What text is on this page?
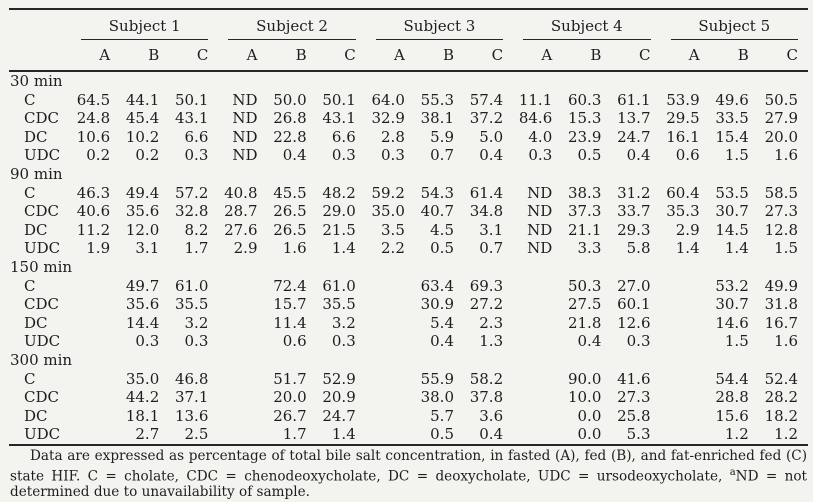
	Subject 1			Subject 2			Subject 3			Subject 4			Subject 5		

	A	B	C	A	B	C	A	B	C	A	B	C	A	B	C
30 min															
C	64.5	44.1	50.1	ND	50.0	50.1	64.0	55.3	57.4	11.1	60.3	61.1	53.9	49.6	50.5
CDC	24.8	45.4	43.1	ND	26.8	43.1	32.9	38.1	37.2	84.6	15.3	13.7	29.5	33.5	27.9
DC	10.6	10.2	6.6	ND	22.8	6.6	2.8	5.9	5.0	4.0	23.9	24.7	16.1	15.4	20.0
UDC	0.2	0.2	0.3	ND	0.4	0.3	0.3	0.7	0.4	0.3	0.5	0.4	0.6	1.5	1.6
90 min															
C	46.3	49.4	57.2	40.8	45.5	48.2	59.2	54.3	61.4	ND	38.3	31.2	60.4	53.5	58.5
CDC	40.6	35.6	32.8	28.7	26.5	29.0	35.0	40.7	34.8	ND	37.3	33.7	35.3	30.7	27.3
DC	11.2	12.0	8.2	27.6	26.5	21.5	3.5	4.5	3.1	ND	21.1	29.3	2.9	14.5	12.8
UDC	1.9	3.1	1.7	2.9	1.6	1.4	2.2	0.5	0.7	ND	3.3	5.8	1.4	1.4	1.5
150 min															
C		49.7	61.0		72.4	61.0		63.4	69.3		50.3	27.0		53.2	49.9
CDC		35.6	35.5		15.7	35.5		30.9	27.2		27.5	60.1		30.7	31.8
DC		14.4	3.2		11.4	3.2		5.4	2.3		21.8	12.6		14.6	16.7
UDC		0.3	0.3		0.6	0.3		0.4	1.3		0.4	0.3		1.5	1.6
300 min															
C		35.0	46.8		51.7	52.9		55.9	58.2		90.0	41.6		54.4	52.4
CDC		44.2	37.1		20.0	20.9		38.0	37.8		10.0	27.3		28.8	28.2
DC		18.1	13.6		26.7	24.7		5.7	3.6		0.0	25.8		15.6	18.2
UDC		2.7	2.5		1.7	1.4		0.5	0.4		0.0	5.3		1.2	1.2

Data are expressed as percentage of total bile salt concentration, in fasted (A), fed (B), and fat-enriched fed (C) state HIF. C = cholate, CDC = chenodeoxycholate, DC = deoxycholate, UDC = ursodeoxycholate, $^a$ND = not determined due to unavailability of sample.
